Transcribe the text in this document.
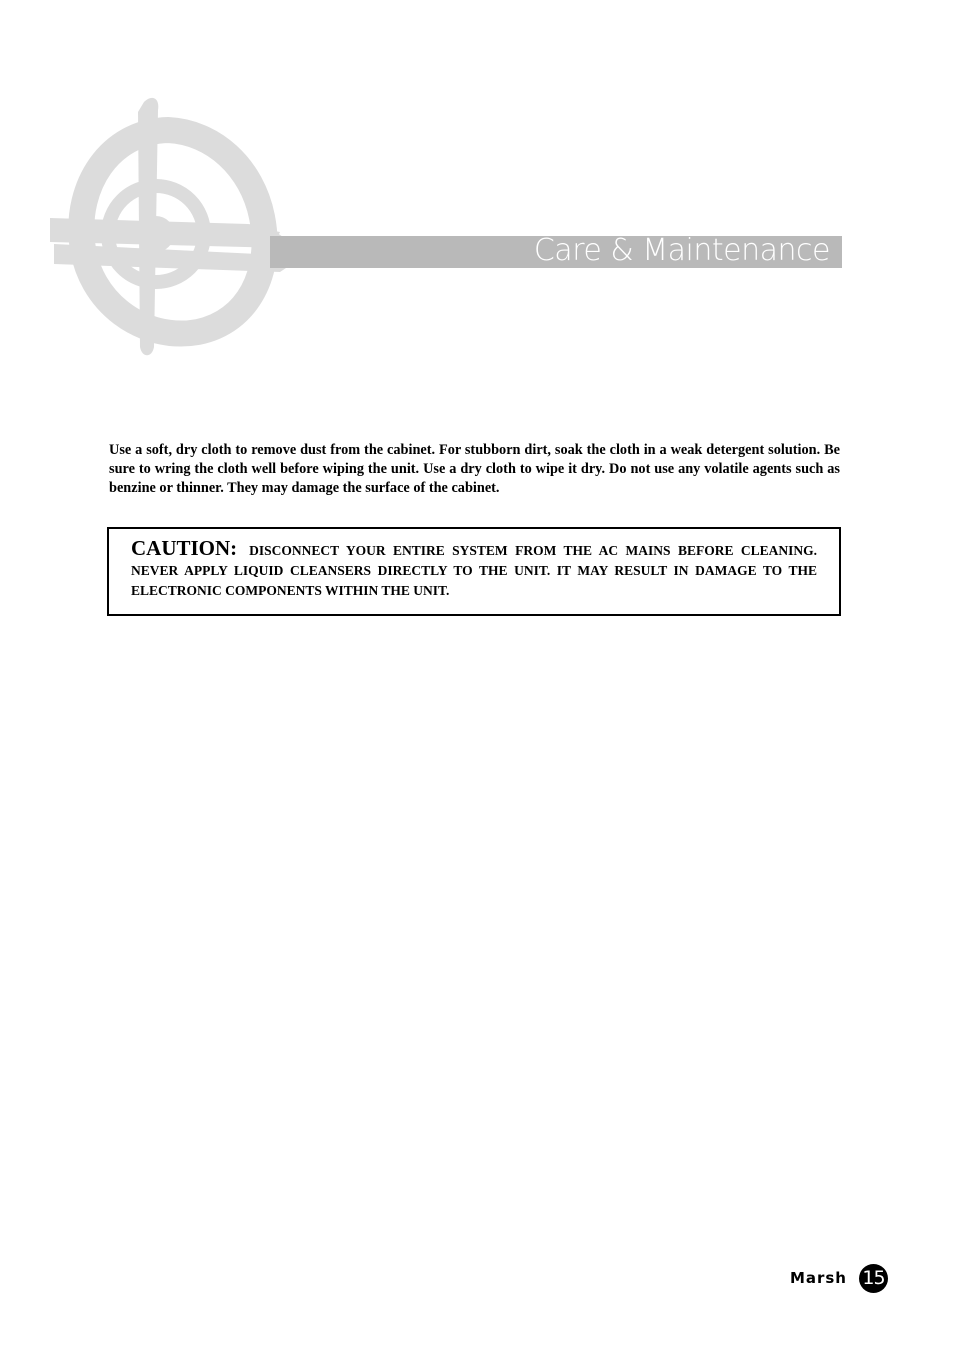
Care & Maintenance

Use a soft, dry cloth to remove dust from the cabinet. For stubborn dirt, soak the cloth in a weak detergent solution. Be sure to wring the cloth well before wiping the unit. Use a dry cloth to wipe it dry. Do not use any volatile agents such as benzine or thinner. They may damage the surface of the cabinet.

CAUTION: DISCONNECT YOUR ENTIRE SYSTEM FROM THE AC MAINS BEFORE CLEANING. NEVER APPLY LIQUID CLEANSERS DIRECTLY TO THE UNIT. IT MAY RESULT IN DAMAGE TO THE ELECTRONIC COMPONENTS WITHIN THE UNIT.
Marsh 15
